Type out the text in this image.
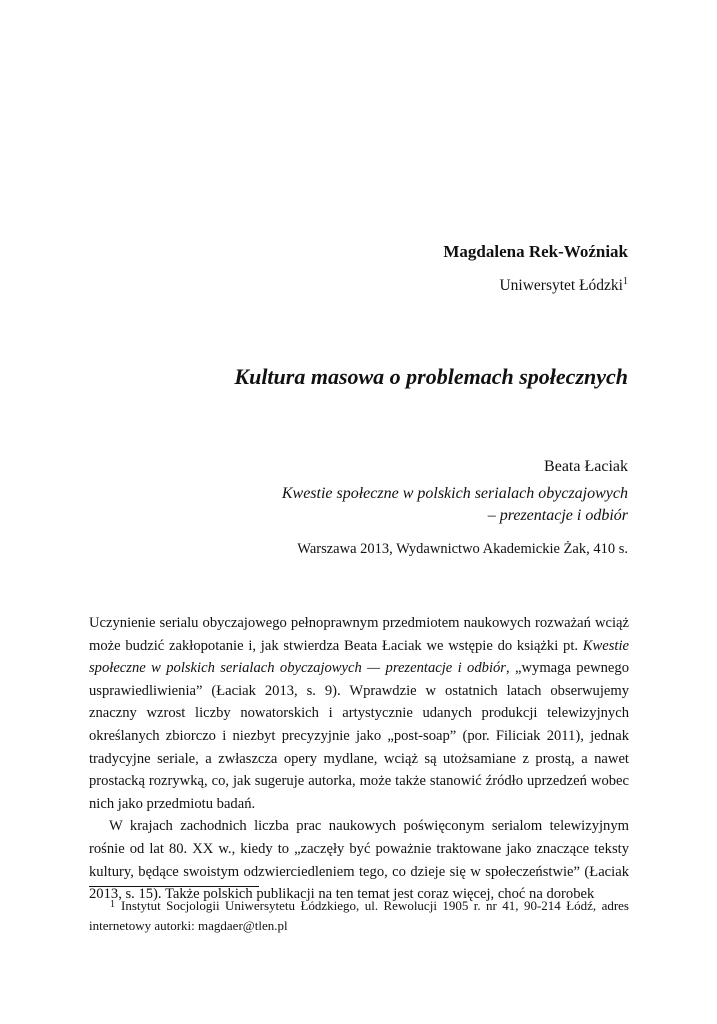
Magdalena Rek-Woźniak
Uniwersytet Łódzki$^1$
Kultura masowa o problemach społecznych
Beata Łaciak
Kwestie społeczne w polskich serialach obyczajowych
– prezentacje i odbiór
Warszawa 2013, Wydawnictwo Akademickie Żak, 410 s.

Uczynienie serialu obyczajowego pełnoprawnym przedmiotem naukowych rozważań wciąż może budzić zakłopotanie i, jak stwierdza Beata Łaciak we wstępie do książki pt. Kwestie społeczne w polskich serialach obyczajowych — prezentacje i odbiór, „wymaga pewnego usprawiedliwienia” (Łaciak 2013, s. 9). Wprawdzie w ostatnich latach obserwujemy znaczny wzrost liczby nowatorskich i artystycznie udanych produkcji telewizyjnych określanych zbiorczo i niezbyt precyzyjnie jako „post-soap” (por. Filiciak 2011), jednak tradycyjne seriale, a zwłaszcza opery mydlane, wciąż są utożsamiane z prostą, a nawet prostacką rozrywką, co, jak sugeruje autorka, może także stanowić źródło uprzedzeń wobec nich jako przedmiotu badań.

W krajach zachodnich liczba prac naukowych poświęconym serialom telewizyjnym rośnie od lat 80. XX w., kiedy to „zaczęły być poważnie traktowane jako znaczące teksty kultury, będące swoistym odzwierciedleniem tego, co dzieje się w społeczeństwie” (Łaciak 2013, s. 15). Także polskich publikacji na ten temat jest coraz więcej, choć na dorobek

1 Instytut Socjologii Uniwersytetu Łódzkiego, ul. Rewolucji 1905 r. nr 41, 90-214 Łódź, adres internetowy autorki: magdaer@tlen.pl
